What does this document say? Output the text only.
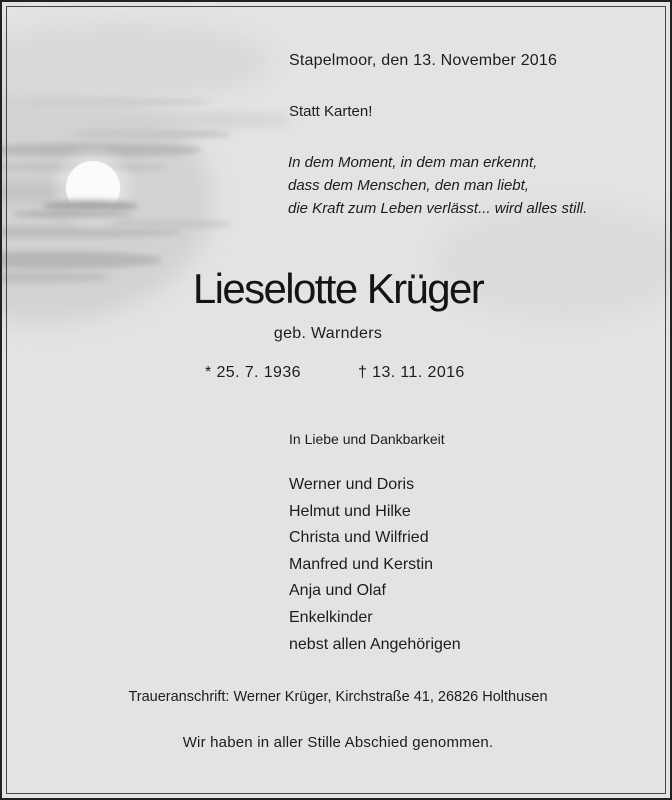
Stapelmoor, den 13. November 2016
Statt Karten!
In dem Moment, in dem man erkennt,
dass dem Menschen, den man liebt,
die Kraft zum Leben verlässt... wird alles still.
Lieselotte Krüger
geb. Warnders
* 25. 7. 1936	† 13. 11. 2016
In Liebe und Dankbarkeit
Werner und Doris
Helmut und Hilke
Christa und Wilfried
Manfred und Kerstin
Anja und Olaf
Enkelkinder
nebst allen Angehörigen
Traueranschrift: Werner Krüger, Kirchstraße 41, 26826 Holthusen
Wir haben in aller Stille Abschied genommen.
